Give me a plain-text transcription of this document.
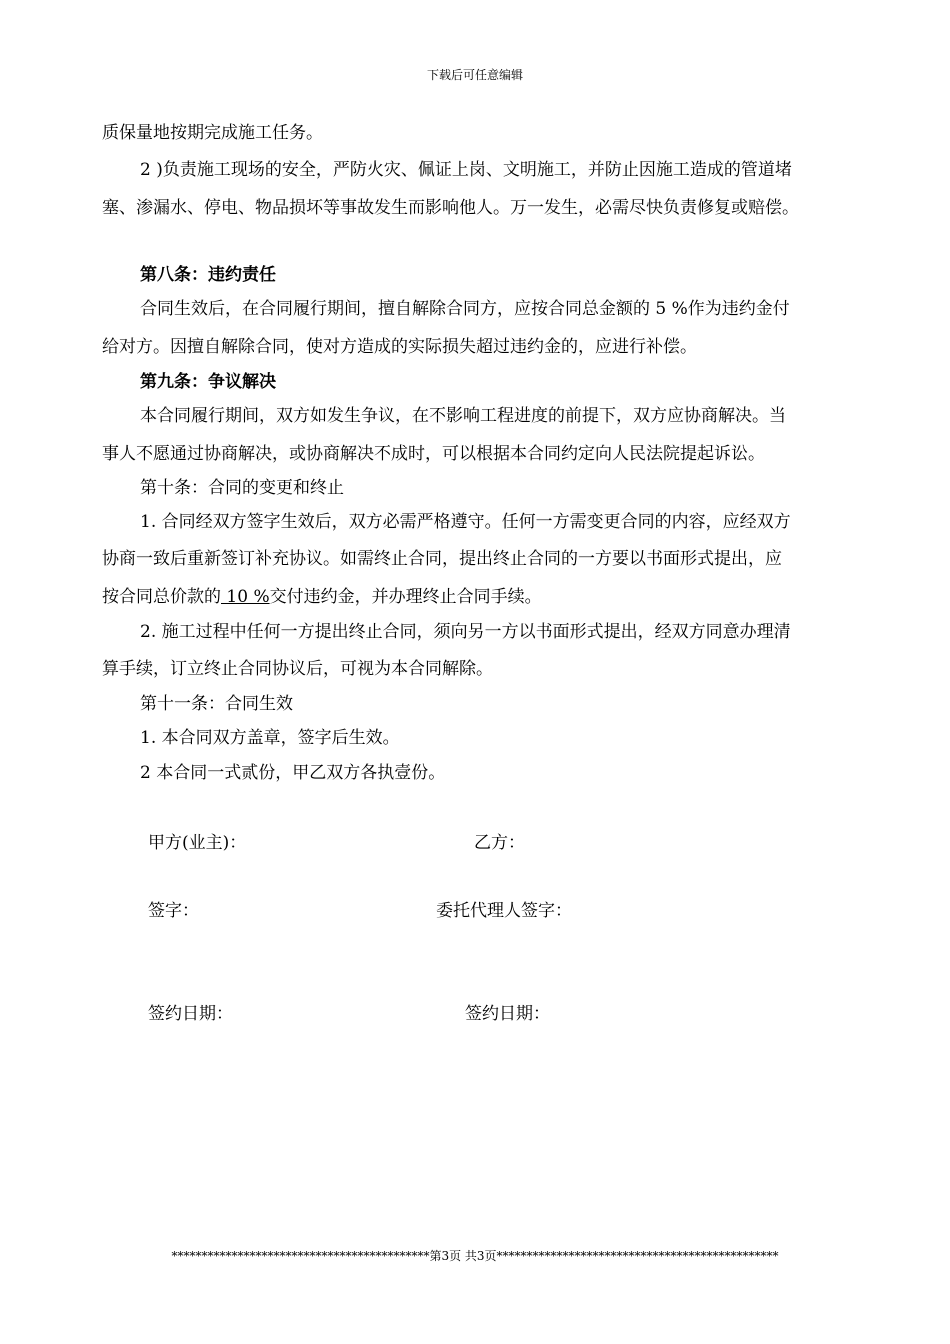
下载后可任意编辑
质保量地按期完成施工任务。
2 )负责施工现场的安全，严防火灾、佩证上岗、文明施工，并防止因施工造成的管道堵
塞、渗漏水、停电、物品损坏等事故发生而影响他人。万一发生，必需尽快负责修复或赔偿。
第八条：违约责任
合同生效后，在合同履行期间，擅自解除合同方，应按合同总金额的 5 %作为违约金付
给对方。因擅自解除合同，使对方造成的实际损失超过违约金的，应进行补偿。
第九条：争议解决
本合同履行期间，双方如发生争议，在不影响工程进度的前提下，双方应协商解决。当
事人不愿通过协商解决，或协商解决不成时，可以根据本合同约定向人民法院提起诉讼。
第十条：合同的变更和终止
1. 合同经双方签字生效后，双方必需严格遵守。任何一方需变更合同的内容，应经双方
协商一致后重新签订补充协议。如需终止合同，提出终止合同的一方要以书面形式提出，应
按合同总价款的 10 %交付违约金，并办理终止合同手续。
2. 施工过程中任何一方提出终止合同，须向另一方以书面形式提出，经双方同意办理清
算手续，订立终止合同协议后，可视为本合同解除。
第十一条：合同生效
1. 本合同双方盖章，签字后生效。
2 本合同一式贰份，甲乙双方各执壹份。
甲方(业主)：	乙方：
签字：	委托代理人签字：
签约日期：	签约日期：
*******************************************第3页 共3页***********************************************
